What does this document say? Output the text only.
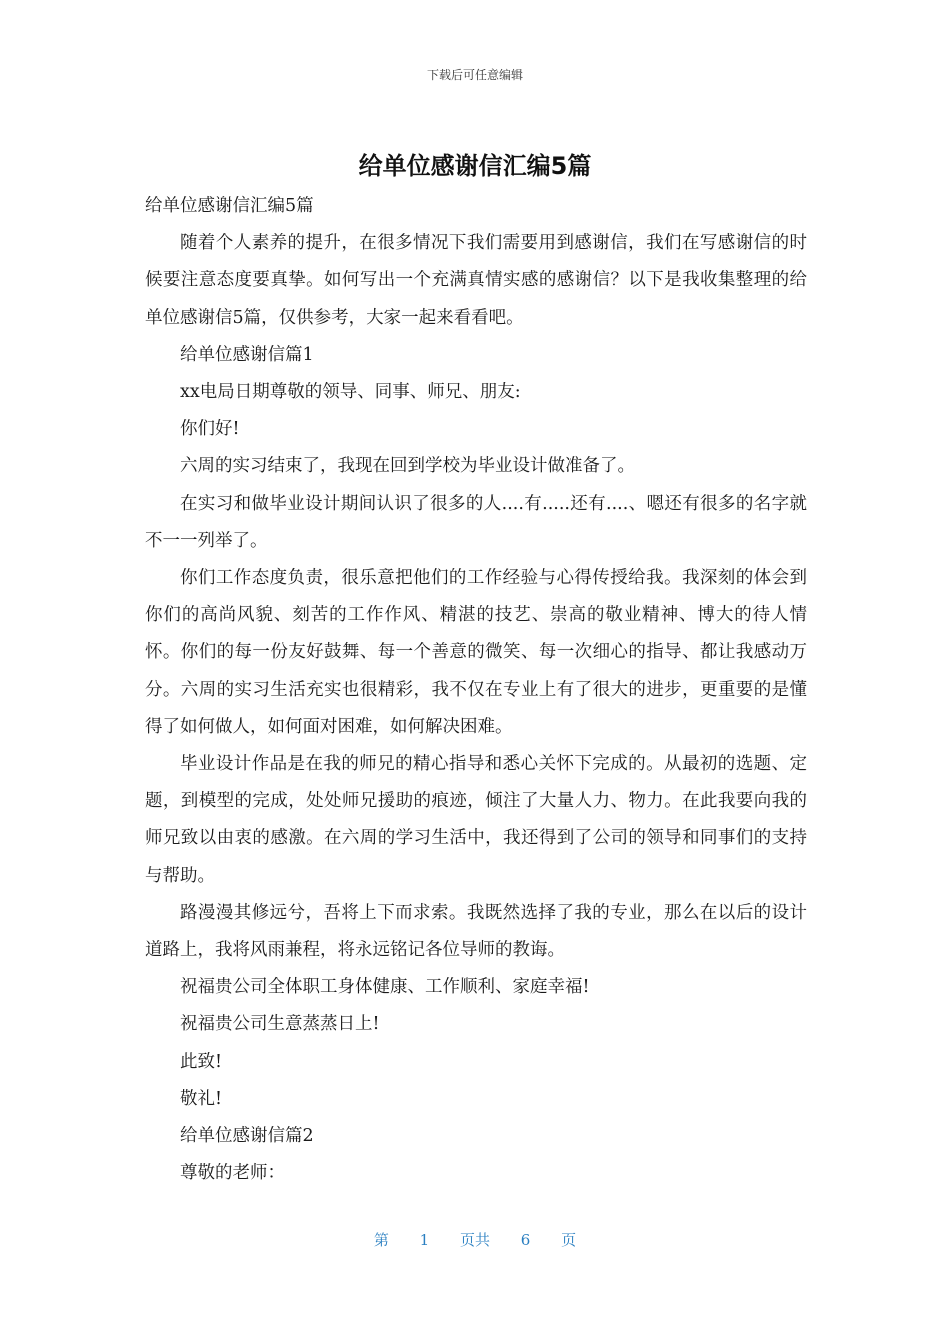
下载后可任意编辑
给单位感谢信汇编5篇

给单位感谢信汇编5篇

随着个人素养的提升，在很多情况下我们需要用到感谢信，我们在写感谢信的时候要注意态度要真挚。如何写出一个充满真情实感的感谢信？以下是我收集整理的给单位感谢信5篇，仅供参考，大家一起来看看吧。

给单位感谢信篇1

xx电局日期尊敬的领导、同事、师兄、朋友:

你们好!

六周的实习结束了，我现在回到学校为毕业设计做准备了。

在实习和做毕业设计期间认识了很多的人....有.....还有....、嗯还有很多的名字就不一一列举了。

你们工作态度负责，很乐意把他们的工作经验与心得传授给我。我深刻的体会到你们的高尚风貌、刻苦的工作作风、精湛的技艺、崇高的敬业精神、博大的待人情怀。你们的每一份友好鼓舞、每一个善意的微笑、每一次细心的指导、都让我感动万分。六周的实习生活充实也很精彩，我不仅在专业上有了很大的进步，更重要的是懂得了如何做人，如何面对困难，如何解决困难。

毕业设计作品是在我的师兄的精心指导和悉心关怀下完成的。从最初的选题、定题，到模型的完成，处处师兄援助的痕迹，倾注了大量人力、物力。在此我要向我的师兄致以由衷的感激。在六周的学习生活中，我还得到了公司的领导和同事们的支持与帮助。

路漫漫其修远兮，吾将上下而求索。我既然选择了我的专业，那么在以后的设计道路上，我将风雨兼程，将永远铭记各位导师的教诲。

祝福贵公司全体职工身体健康、工作顺利、家庭幸福!

祝福贵公司生意蒸蒸日上!

此致!

敬礼!

给单位感谢信篇2

尊敬的老师：

第 1 页共 6 页
